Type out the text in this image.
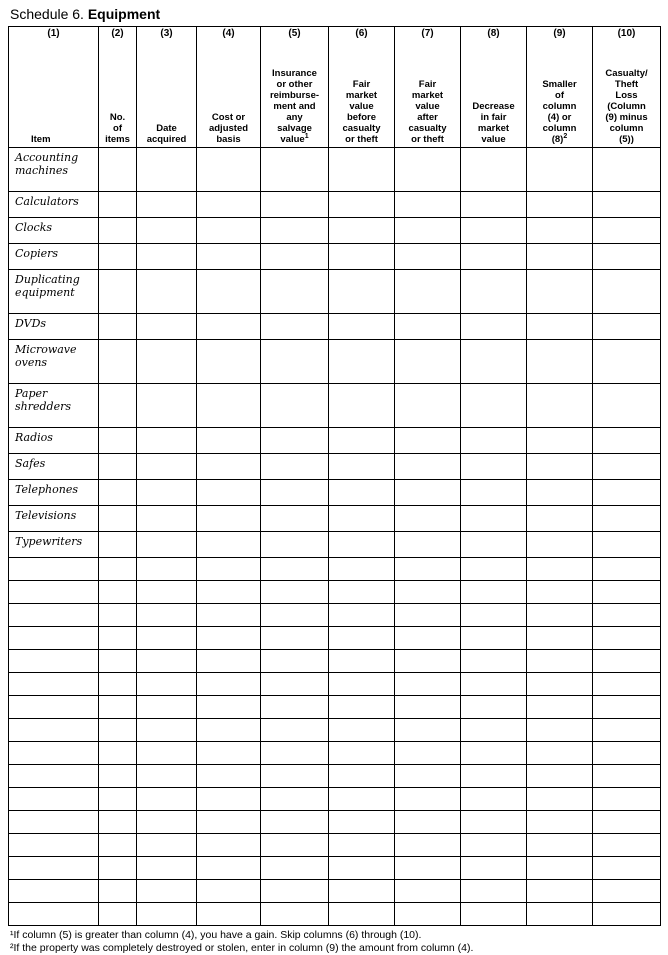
Schedule 6. Equipment
(1)	(2)	(3)	(4)	(5)	(6)	(7)	(8)	(9)	(10)

Item

No.
of
items

Date
acquired

Cost or
adjusted
basis

Insurance
or other
reimburse-
ment and
any
salvage
value$^1$

Fair
market
value
before
casualty
or theft

Fair
market
value
after
casualty
or theft

Decrease
in fair
market
value

Smaller
of
column
(4) or
column
$(8)^2$

Casualty/
Theft
Loss
(Column
(9) minus
column
(5))

Accounting machines									
Calculators									
Clocks									
Copiers									
Duplicating equipment									
DVDs									
Microwave ovens									
Paper shredders									
Radios									
Safes									
Telephones									
Televisions									
Typewriters									

¹If column (5) is greater than column (4), you have a gain. Skip columns (6) through (10).
²If the property was completely destroyed or stolen, enter in column (9) the amount from column (4).
